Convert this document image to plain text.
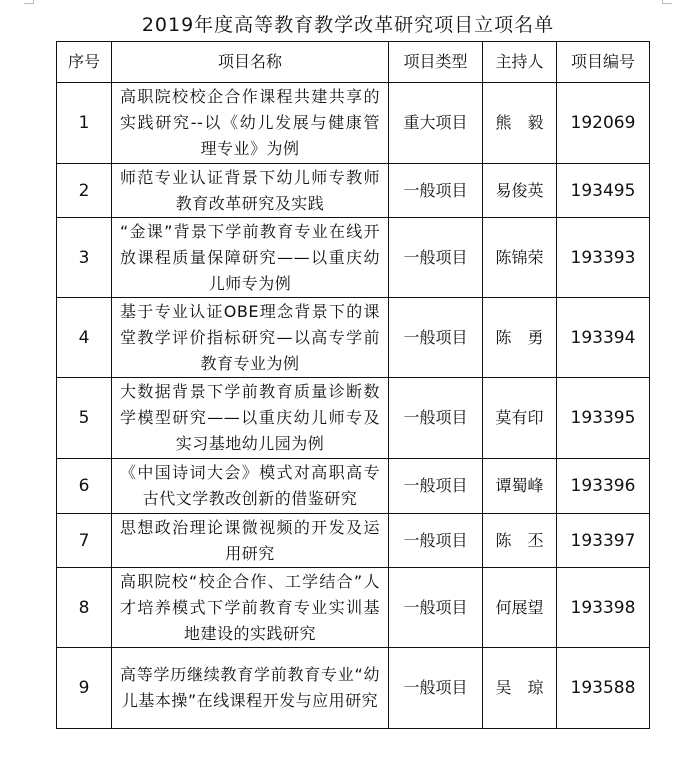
2019年度高等教育教学改革研究项目立项名单
序号	项目名称	项目类型	主持人	项目编号
1	高职院校校企合作课程共建共享的实践研究--以《幼儿发展与健康管理专业》为例	重大项目	熊　毅	192069
2	师范专业认证背景下幼儿师专教师教育改革研究及实践	一般项目	易俊英	193495
3	“金课”背景下学前教育专业在线开放课程质量保障研究——以重庆幼儿师专为例	一般项目	陈锦荣	193393
4	基于专业认证OBE理念背景下的课堂教学评价指标研究—以高专学前教育专业为例	一般项目	陈　勇	193394
5	大数据背景下学前教育质量诊断数学模型研究——以重庆幼儿师专及实习基地幼儿园为例	一般项目	莫有印	193395
6	《中国诗词大会》模式对高职高专古代文学教改创新的借鉴研究	一般项目	谭蜀峰	193396
7	思想政治理论课微视频的开发及运用研究	一般项目	陈　丕	193397
8	高职院校“校企合作、工学结合”人才培养模式下学前教育专业实训基地建设的实践研究	一般项目	何展望	193398
9	高等学历继续教育学前教育专业“幼儿基本操”在线课程开发与应用研究	一般项目	吴　琼	193588
